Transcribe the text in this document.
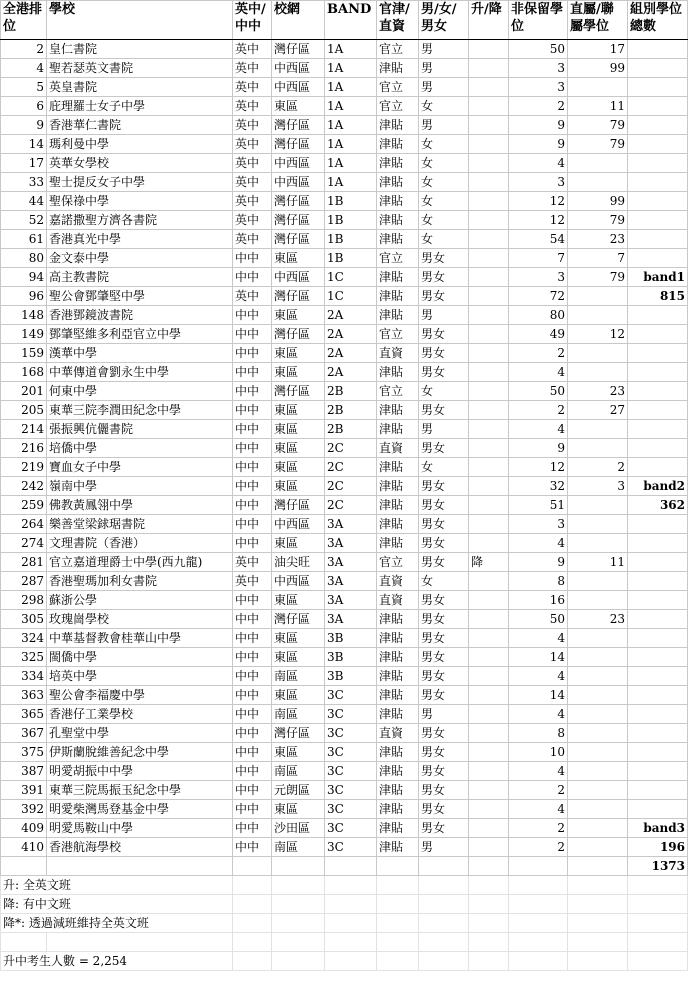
全港排位	學校	英中/中中	校網	BAND	官津/直資	男/女/男女	升/降	非保留學位	直屬/聯屬學位	組別學位總數
2	皇仁書院	英中	灣仔區	1A	官立	男		50	17	
4	聖若瑟英文書院	英中	中西區	1A	津貼	男		3	99	
5	英皇書院	英中	中西區	1A	官立	男		3		
6	庇理羅士女子中學	英中	東區	1A	官立	女		2	11	
9	香港華仁書院	英中	灣仔區	1A	津貼	男		9	79	
14	瑪利曼中學	英中	灣仔區	1A	津貼	女		9	79	
17	英華女學校	英中	中西區	1A	津貼	女		4		
33	聖士提反女子中學	英中	中西區	1A	津貼	女		3		
44	聖保祿中學	英中	灣仔區	1B	津貼	女		12	99	
52	嘉諾撒聖方濟各書院	英中	灣仔區	1B	津貼	女		12	79	
61	香港真光中學	英中	灣仔區	1B	津貼	女		54	23	
80	金文泰中學	中中	東區	1B	官立	男女		7	7	
94	高主教書院	中中	中西區	1C	津貼	男女		3	79	band1
96	聖公會鄧肇堅中學	英中	灣仔區	1C	津貼	男女		72		815
148	香港鄧鏡波書院	中中	東區	2A	津貼	男		80		
149	鄧肇堅維多利亞官立中學	中中	灣仔區	2A	官立	男女		49	12	
159	漢華中學	中中	東區	2A	直資	男女		2		
168	中華傳道會劉永生中學	中中	東區	2A	津貼	男女		4		
201	何東中學	中中	灣仔區	2B	官立	女		50	23	
205	東華三院李潤田紀念中學	中中	東區	2B	津貼	男女		2	27	
214	張振興伉儷書院	中中	東區	2B	津貼	男		4		
216	培僑中學	中中	東區	2C	直資	男女		9		
219	寶血女子中學	中中	東區	2C	津貼	女		12	2	
242	嶺南中學	中中	東區	2C	津貼	男女		32	3	band2
259	佛教黃鳳翎中學	中中	灣仔區	2C	津貼	男女		51		362
264	樂善堂梁銶琚書院	中中	中西區	3A	津貼	男女		3		
274	文理書院（香港）	中中	東區	3A	津貼	男女		4		
281	官立嘉道理爵士中學(西九龍)	英中	油尖旺	3A	官立	男女	降	9	11	
287	香港聖瑪加利女書院	英中	中西區	3A	直資	女		8		
298	蘇浙公學	中中	東區	3A	直資	男女		16		
305	玫瑰崗學校	中中	灣仔區	3A	津貼	男女		50	23	
324	中華基督教會桂華山中學	中中	東區	3B	津貼	男女		4		
325	閩僑中學	中中	東區	3B	津貼	男女		14		
334	培英中學	中中	南區	3B	津貼	男女		4		
363	聖公會李福慶中學	中中	東區	3C	津貼	男女		14		
365	香港仔工業學校	中中	南區	3C	津貼	男		4		
367	孔聖堂中學	中中	灣仔區	3C	直資	男女		8		
375	伊斯蘭脫維善紀念中學	中中	東區	3C	津貼	男女		10		
387	明愛胡振中中學	中中	南區	3C	津貼	男女		4		
391	東華三院馬振玉紀念中學	中中	元朗區	3C	津貼	男女		2		
392	明愛柴灣馬登基金中學	中中	東區	3C	津貼	男女		4		
409	明愛馬鞍山中學	中中	沙田區	3C	津貼	男女		2		band3
410	香港航海學校	中中	南區	3C	津貼	男		2		196
										1373
升: 全英文班										
降: 有中文班										
降*: 透過減班維持全英文班										

升中考生人數 = 2,254										
